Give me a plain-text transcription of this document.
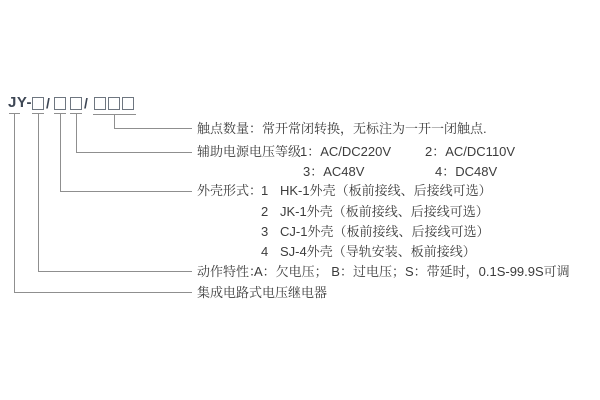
JY- / /
触点数量：常开常闭转换，无标注为一开一闭触点.
辅助电源电压等级
1：AC/DC220V	2：AC/DC110V
3：AC48V	4：DC48V
外壳形式：
1 HK-1外壳（板前接线、后接线可选）
2 JK-1外壳（板前接线、后接线可选）
3 CJ-1外壳（板前接线、后接线可选）
4 SJ-4外壳（导轨安装、板前接线）
动作特性：
A：欠电压； B：过电压；S：带延时，0.1S-99.9S可调
集成电路式电压继电器
